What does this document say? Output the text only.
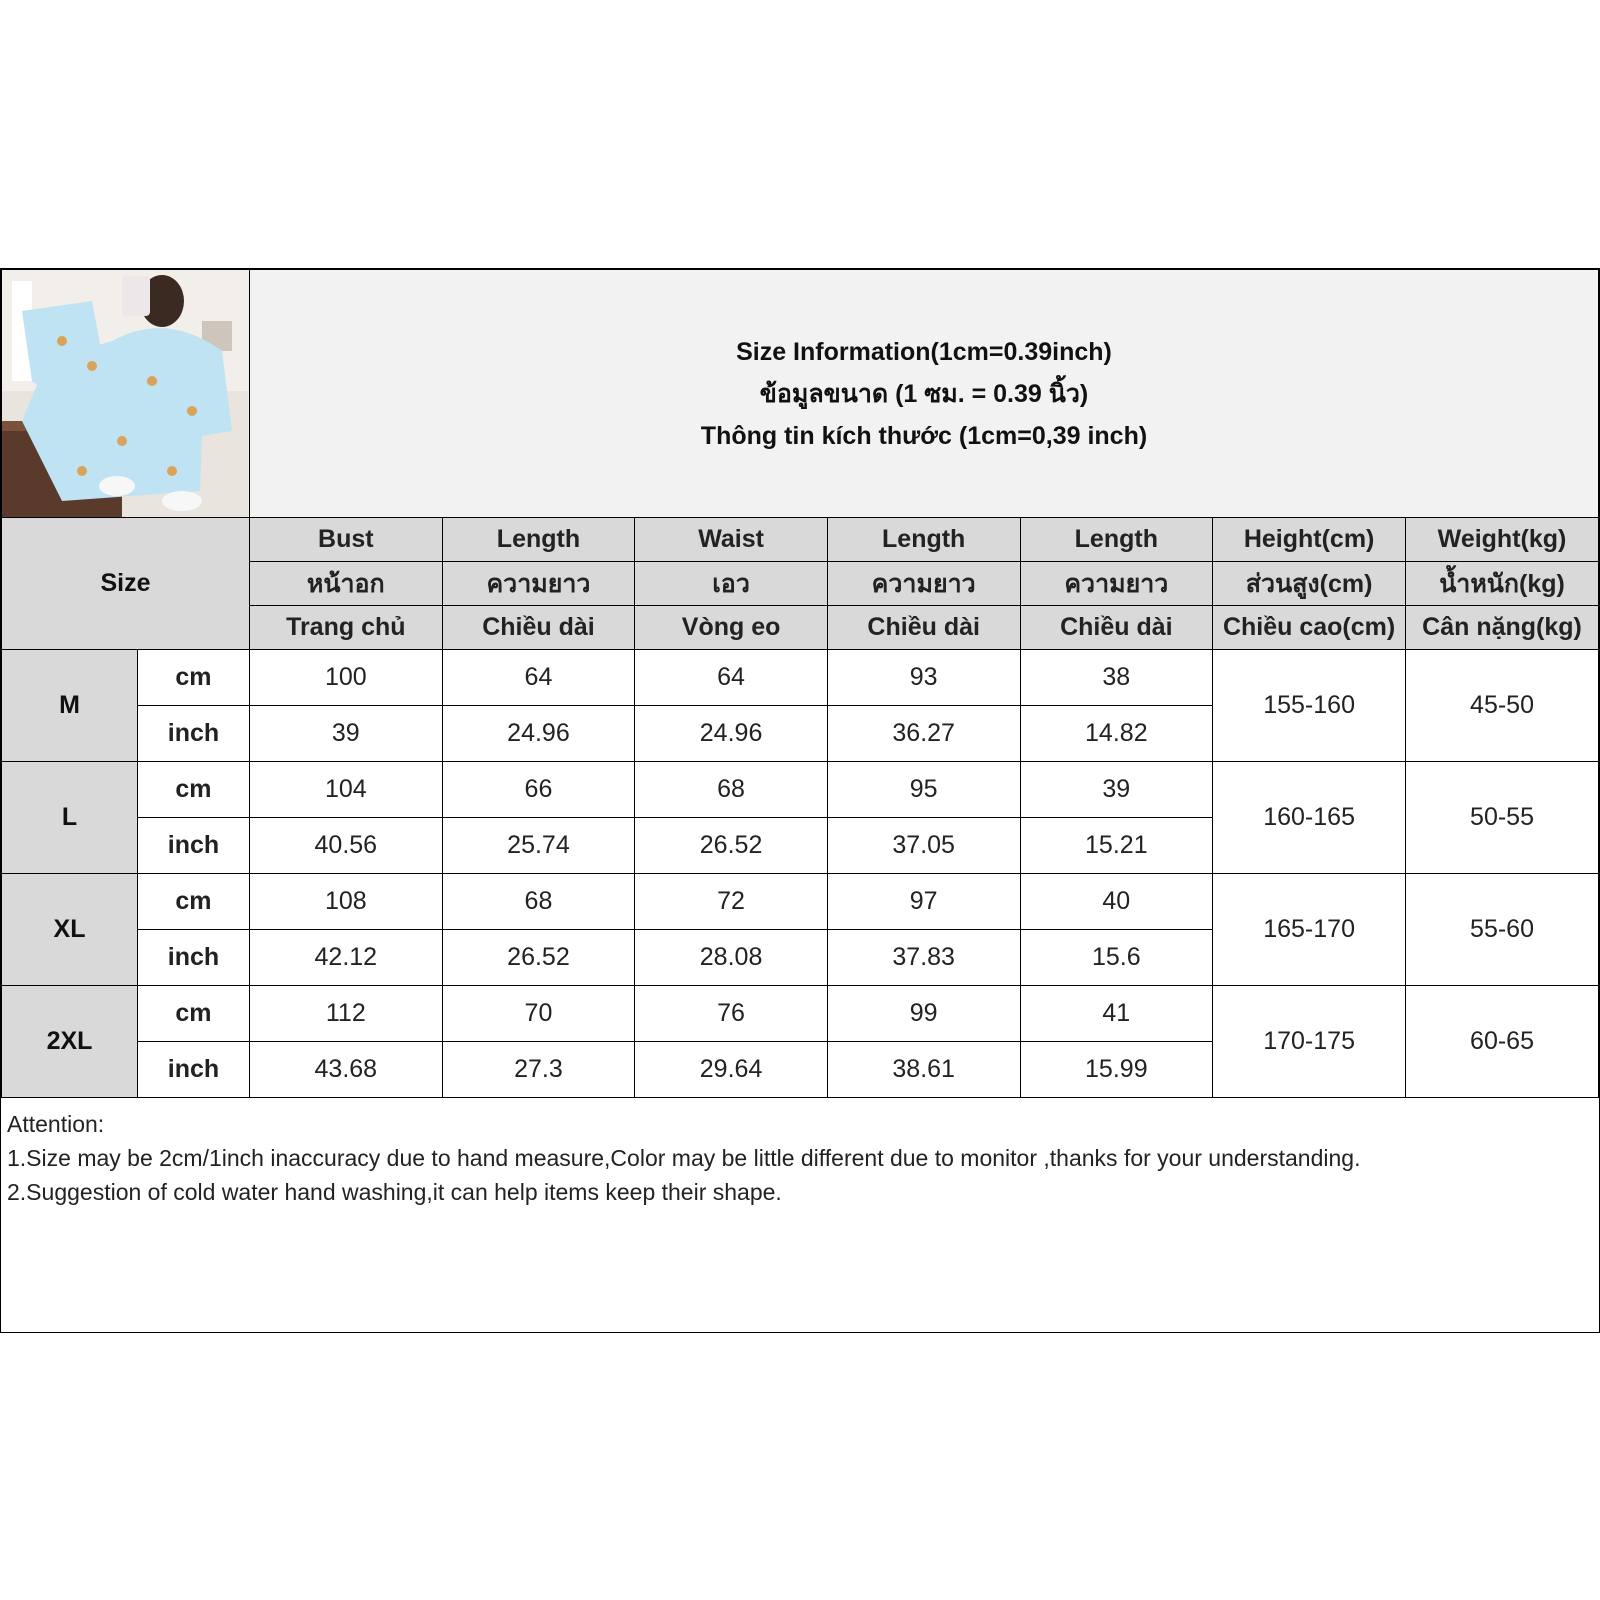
Size Information(1cm=0.39inch)
ข้อมูลขนาด (1 ซม. = 0.39 นิ้ว)
Thông tin kích thước (1cm=0,39 inch)						

Size		Bust	Length	Waist	Length	Length	Height(cm)	Weight(kg)
		หน้าอก	ความยาว	เอว	ความยาว	ความยาว	ส่วนสูง(cm)	น้ำหนัก(kg)
		Trang chủ	Chiều dài	Vòng eo	Chiều dài	Chiều dài	Chiều cao(cm)	Cân nặng(kg)
M	cm	100	64	64	93	38	155-160	45-50
	inch	39	24.96	24.96	36.27	14.82		
L	cm	104	66	68	95	39	160-165	50-55
	inch	40.56	25.74	26.52	37.05	15.21		
XL	cm	108	68	72	97	40	165-170	55-60
	inch	42.12	26.52	28.08	37.83	15.6		
2XL	cm	112	70	76	99	41	170-175	60-65
	inch	43.68	27.3	29.64	38.61	15.99		
Attention:
1.Size may be 2cm/1inch inaccuracy due to hand measure,Color may be little different due to monitor ,thanks for your understanding.
2.Suggestion of cold water hand washing,it can help items keep their shape.
